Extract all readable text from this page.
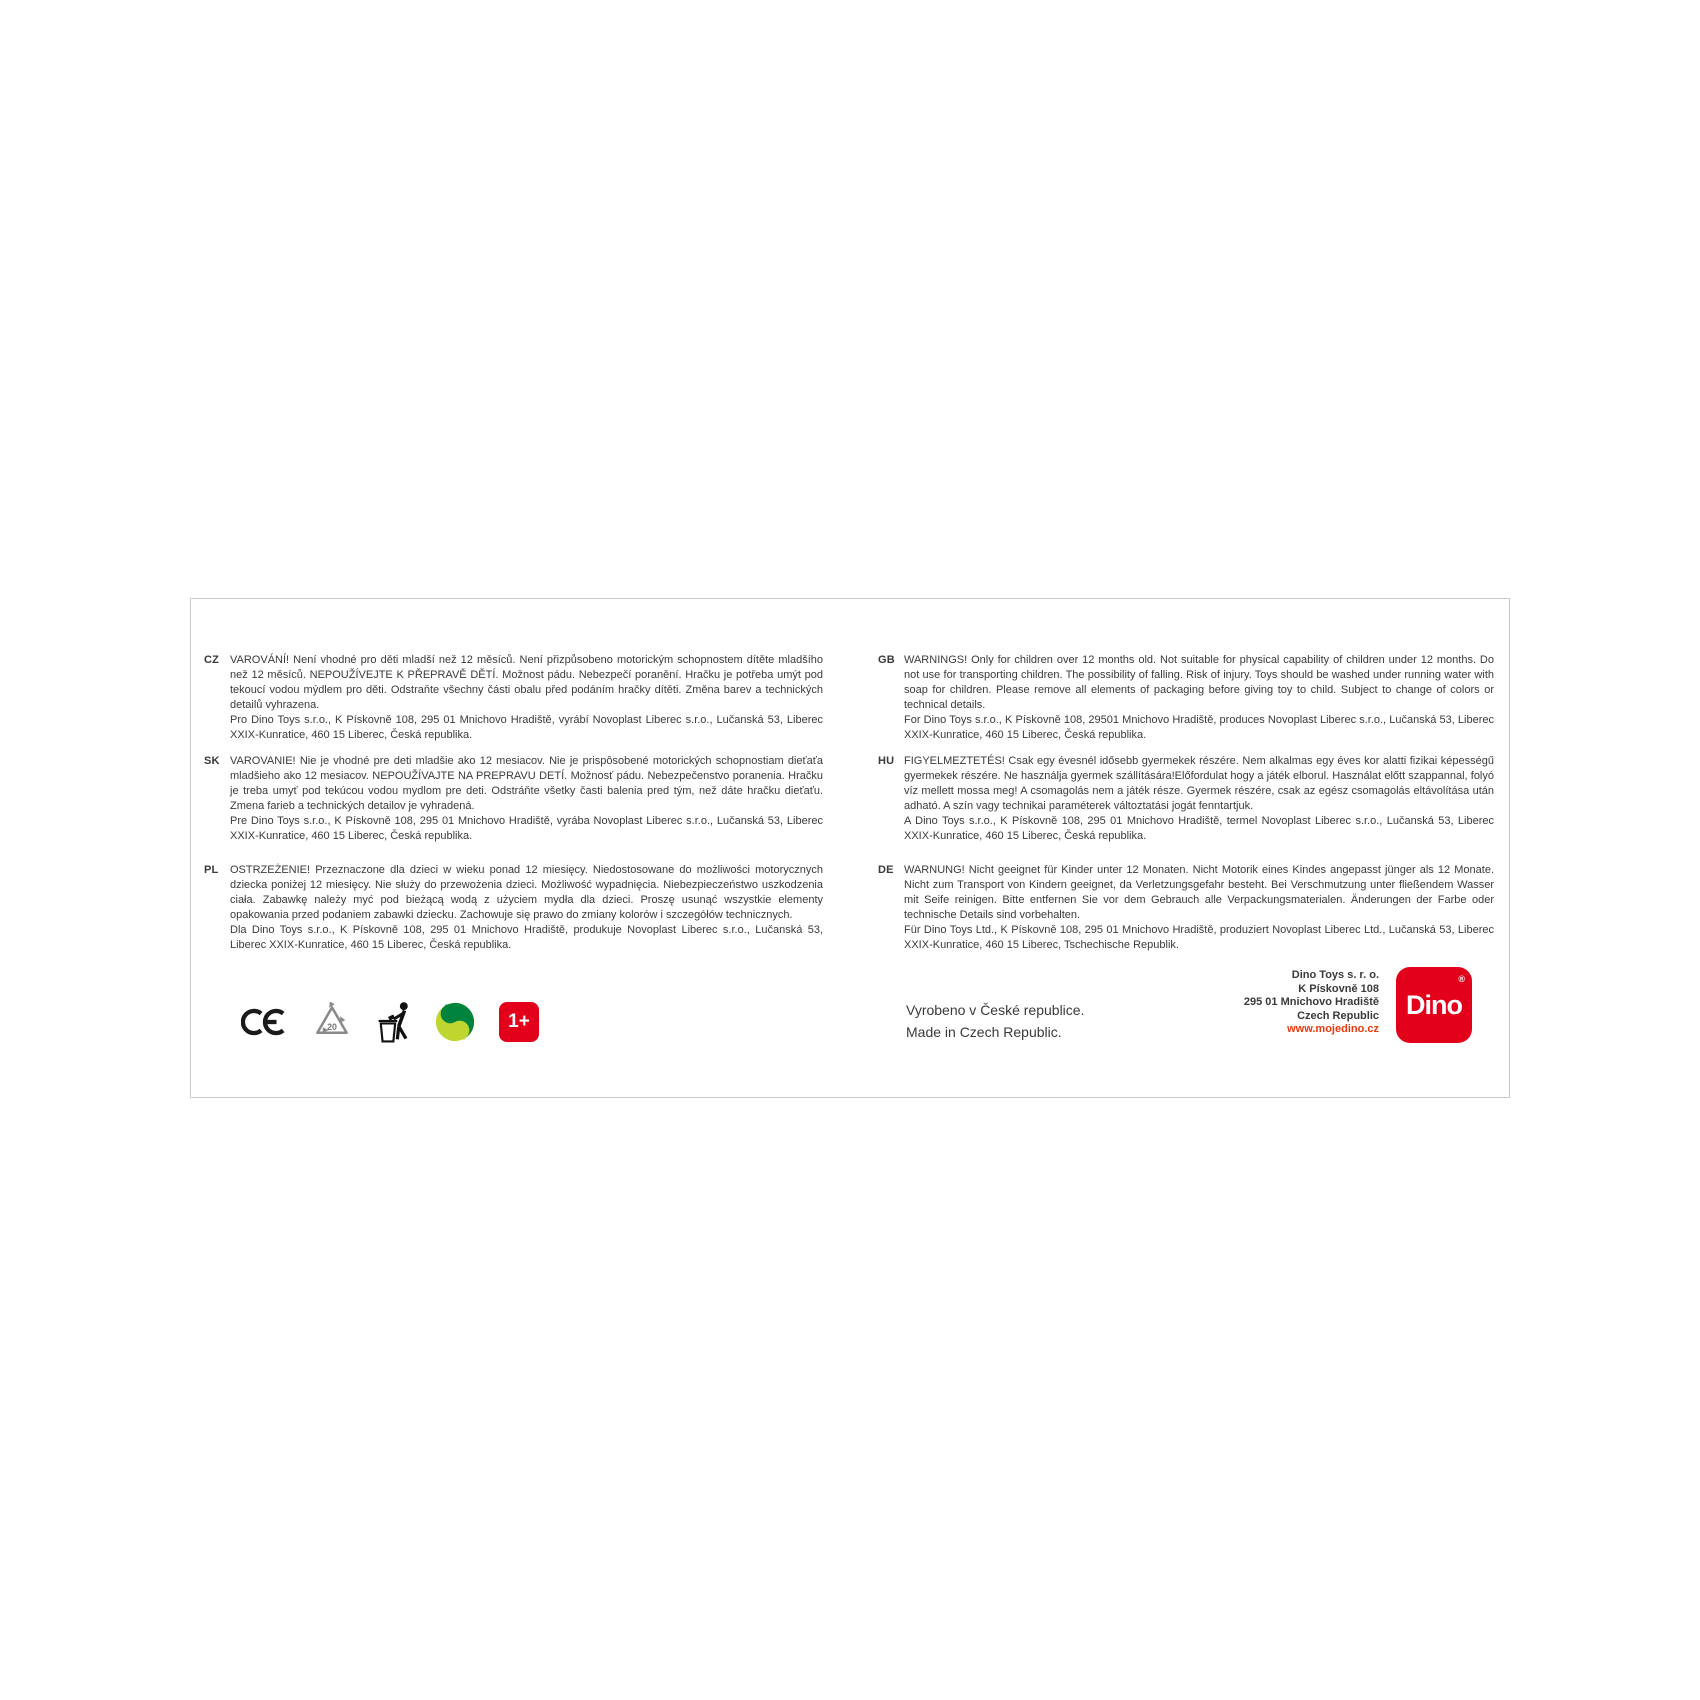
CZ VAROVÁNÍ! Není vhodné pro děti mladší než 12 měsíců. Není přizpůsobeno motorickým schopnostem dítěte mladšího než 12 měsíců. NEPOUŽÍVEJTE K PŘEPRAVĚ DĚTÍ. Možnost pádu. Nebezpečí poranění. Hračku je potřeba umýt pod tekoucí vodou mýdlem pro děti. Odstraňte všechny části obalu před podáním hračky dítěti. Změna barev a technických detailů vyhrazena.

Pro Dino Toys s.r.o., K Pískovně 108, 295 01 Mnichovo Hradiště, vyrábí Novoplast Liberec s.r.o., Lučanská 53, Liberec XXIX-Kunratice, 460 15 Liberec, Česká republika.

SK VAROVANIE! Nie je vhodné pre deti mladšie ako 12 mesiacov. Nie je prispôsobené motorických schopnostiam dieťaťa mladšieho ako 12 mesiacov. NEPOUŽÍVAJTE NA PREPRAVU DETÍ. Možnosť pádu. Nebezpečenstvo poranenia. Hračku je treba umyť pod tekúcou vodou mydlom pre deti. Odstráňte všetky časti balenia pred tým, než dáte hračku dieťaťu. Zmena farieb a technických detailov je vyhradená.

Pre Dino Toys s.r.o., K Pískovně 108, 295 01 Mnichovo Hradiště, vyrába Novoplast Liberec s.r.o., Lučanská 53, Liberec XXIX-Kunratice, 460 15 Liberec, Česká republika.

PL	OSTRZEŻENIE! Przeznaczone dla dzieci w wieku ponad 12 miesięcy. Niedostosowane do możliwości motorycznych dziecka poniżej 12 miesięcy. Nie służy do przewożenia dzieci. Możliwość wypadnięcia. Niebezpieczeństwo uszkodzenia ciała. Zabawkę należy myć pod bieżącą wodą z użyciem mydła dla dzieci. Proszę usunąć wszystkie elementy opakowania przed podaniem zabawki dziecku. Zachowuje się prawo do zmiany kolorów i szczegółów technicznych.

Dla Dino Toys s.r.o., K Pískovně 108, 295 01 Mnichovo Hradiště, produkuje Novoplast Liberec s.r.o., Lučanská 53, Liberec XXIX-Kunratice, 460 15 Liberec, Česká republika.

GB WARNINGS! Only for children over 12 months old. Not suitable for physical capability of children under 12 months. Do not use for transporting children. The possibility of falling. Risk of injury. Toys should be washed under running water with soap for children. Please remove all elements of packaging before giving toy to child. Subject to change of colors or technical details.

For Dino Toys s.r.o., K Pískovně 108, 29501 Mnichovo Hradiště, produces Novoplast Liberec s.r.o., Lučanská 53, Liberec XXIX-Kunratice, 460 15 Liberec, Česká republika.

HU FIGYELMEZTETÉS! Csak egy évesnél idősebb gyermekek részére. Nem alkalmas egy éves kor alatti fizikai képességű gyermekek részére. Ne használja gyermek szállítására!Előfordulat hogy a játék elborul. Használat előtt szappannal, folyó víz mellett mossa meg! A csomagolás nem a játék része. Gyermek részére, csak az egész csomagolás eltávolítása után adható. A szín vagy technikai paraméterek változtatási jogát fenntartjuk.

A Dino Toys s.r.o., K Pískovně 108, 295 01 Mnichovo Hradiště, termel Novoplast Liberec s.r.o., Lučanská 53, Liberec XXIX-Kunratice, 460 15 Liberec, Česká republika.

DE WARNUNG! Nicht geeignet für Kinder unter 12 Monaten. Nicht Motorik eines Kindes angepasst jünger als 12 Monate. Nicht zum Transport von Kindern geeignet, da Verletzungsgefahr besteht. Bei Verschmutzung unter fließendem Wasser mit Seife reinigen. Bitte entfernen Sie vor dem Gebrauch alle Verpackungsmaterialen. Änderungen der Farbe oder technische Details sind vorbehalten.

Für Dino Toys Ltd., K Pískovně 108, 295 01 Mnichovo Hradiště, produziert Novoplast Liberec Ltd., Lučanská 53, Liberec XXIX-Kunratice, 460 15 Liberec, Tschechische Republik.

20	1+
Vyrobeno v České republice.
Made in Czech Republic.
Dino Toys s. r. o.
K Pískovně 108
295 01 Mnichovo Hradiště
Czech Republic
www.mojedino.cz
Dino
®
